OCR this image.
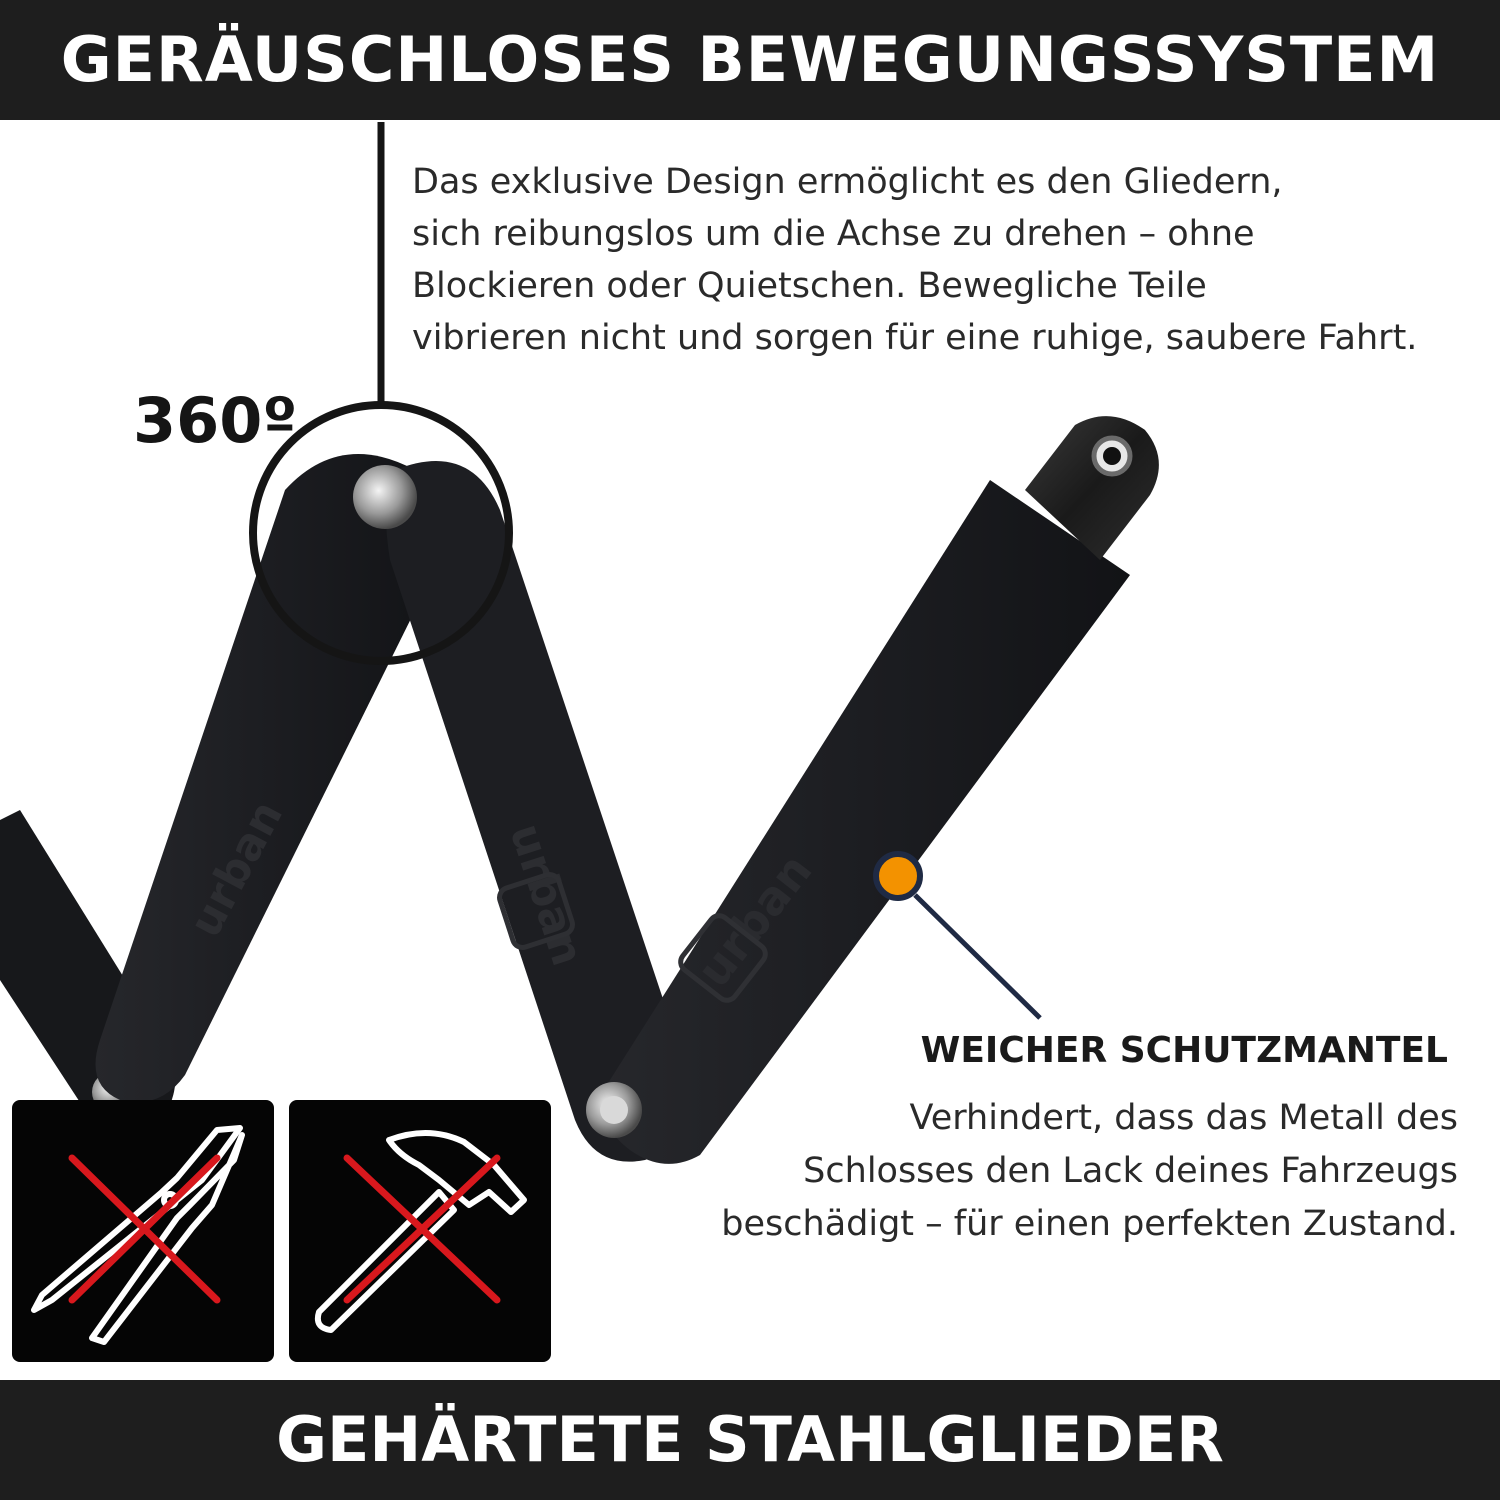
urban	urban urban
GERÄUSCHLOSES BEWEGUNGSSYSTEM

Das exklusive Design ermöglicht es den Gliedern,
sich reibungslos um die Achse zu drehen – ohne
Blockieren oder Quietschen. Bewegliche Teile
vibrieren nicht und sorgen für eine ruhige, saubere Fahrt.

360º
WEICHER SCHUTZMANTEL

Verhindert, dass das Metall des
Schlosses den Lack deines Fahrzeugs
beschädigt – für einen perfekten Zustand.

GEHÄRTETE STAHLGLIEDER
